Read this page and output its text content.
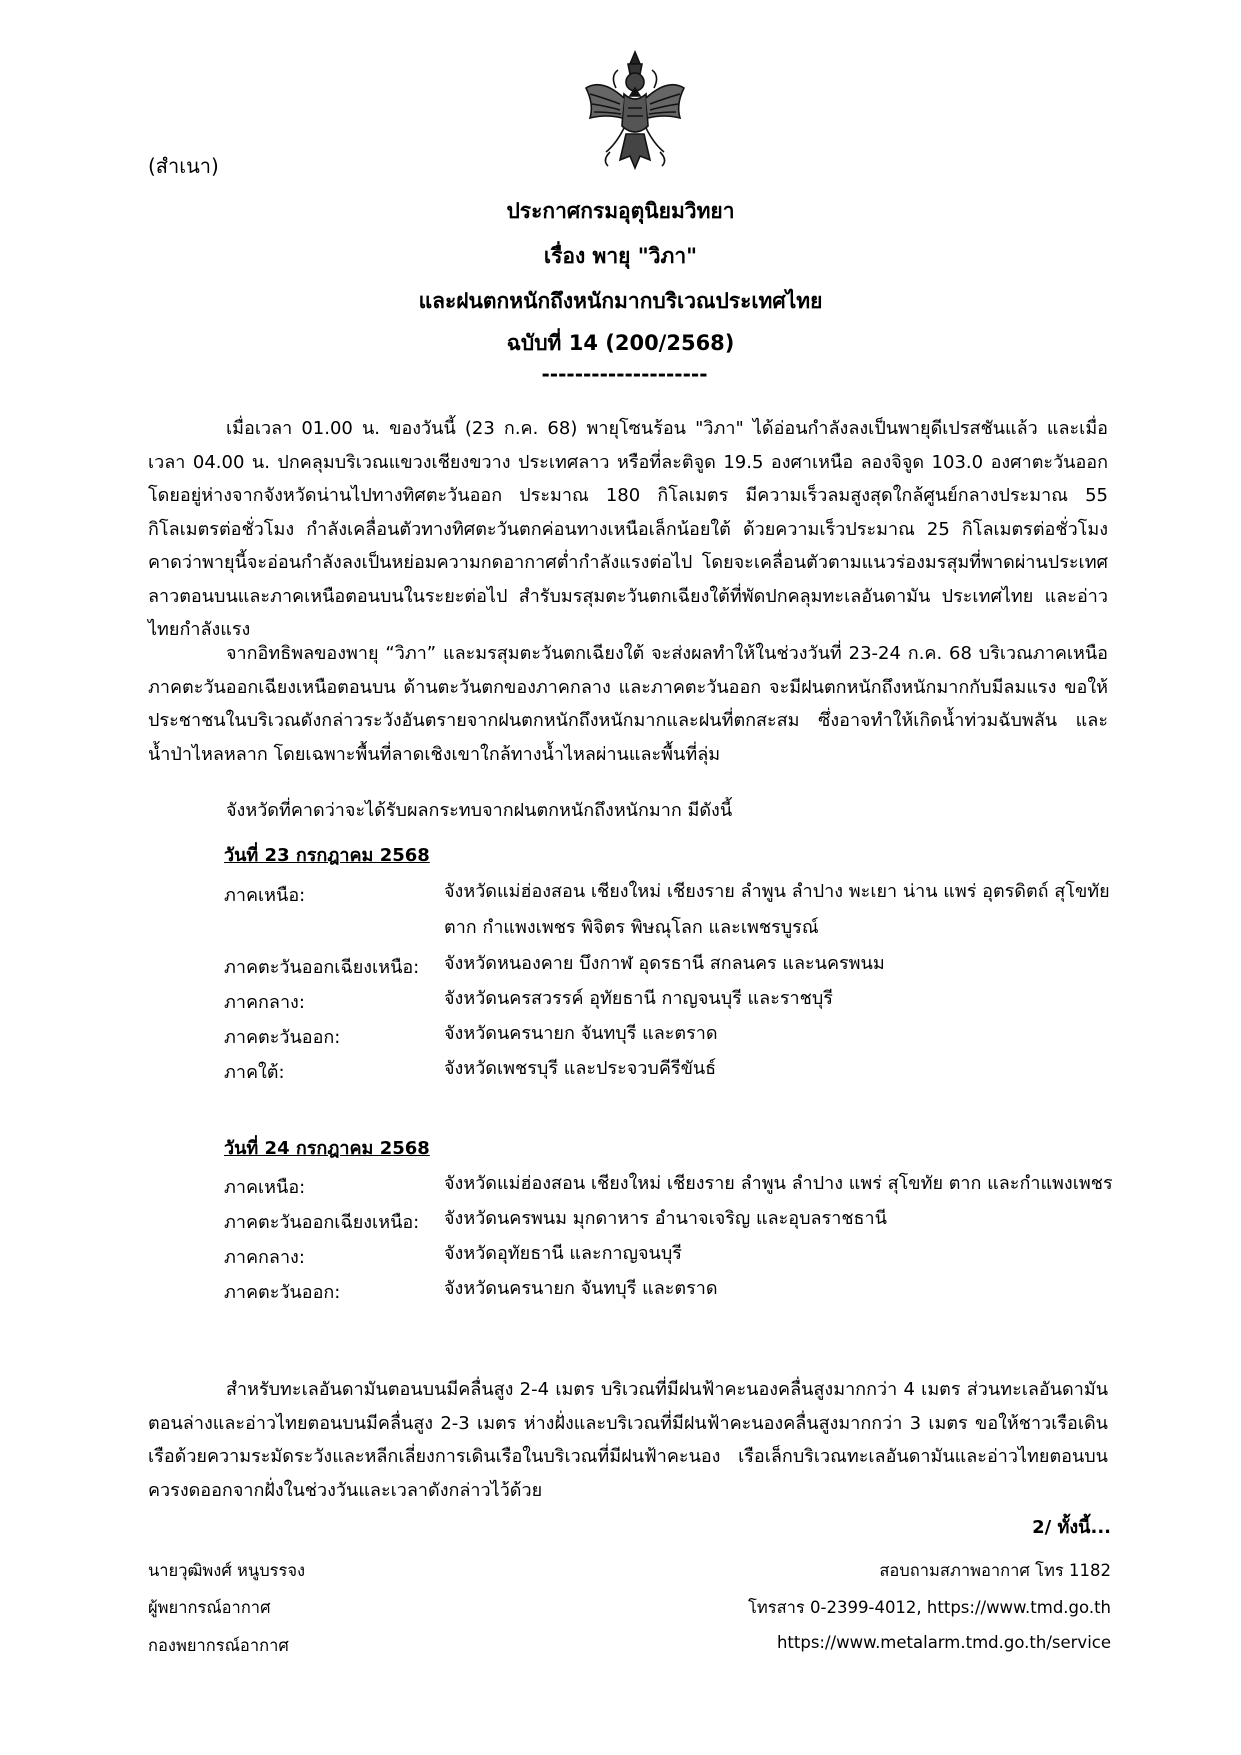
(สำเนา)
ประกาศกรมอุตุนิยมวิทยา
เรื่อง พายุ "วิภา"
และฝนตกหนักถึงหนักมากบริเวณประเทศไทย
ฉบับที่ 14 (200/2568)
--------------------
เมื่อเวลา 01.00 น. ของวันนี้ (23 ก.ค. 68) พายุโซนร้อน "วิภา" ได้อ่อนกำลังลงเป็นพายุดีเปรสชันแล้ว และเมื่อเวลา 04.00 น. ปกคลุมบริเวณแขวงเชียงขวาง ประเทศลาว หรือที่ละติจูด 19.5 องศาเหนือ ลองจิจูด 103.0 องศาตะวันออก โดยอยู่ห่างจากจังหวัดน่านไปทางทิศตะวันออก ประมาณ 180 กิโลเมตร มีความเร็วลมสูงสุดใกล้ศูนย์กลางประมาณ 55 กิโลเมตรต่อชั่วโมง กำลังเคลื่อนตัวทางทิศตะวันตกค่อนทางเหนือเล็กน้อยใต้ ด้วยความเร็วประมาณ 25 กิโลเมตรต่อชั่วโมง คาดว่าพายุนี้จะอ่อนกำลังลงเป็นหย่อมความกดอากาศต่ำกำลังแรงต่อไป โดยจะเคลื่อนตัวตามแนวร่องมรสุมที่พาดผ่านประเทศลาวตอนบนและภาคเหนือตอนบนในระยะต่อไป สำรับมรสุมตะวันตกเฉียงใต้ที่พัดปกคลุมทะเลอันดามัน ประเทศไทย และอ่าวไทยกำลังแรง
จากอิทธิพลของพายุ “วิภา” และมรสุมตะวันตกเฉียงใต้ จะส่งผลทำให้ในช่วงวันที่ 23-24 ก.ค. 68 บริเวณภาคเหนือ ภาคตะวันออกเฉียงเหนือตอนบน ด้านตะวันตกของภาคกลาง และภาคตะวันออก จะมีฝนตกหนักถึงหนักมากกับมีลมแรง ขอให้ประชาชนในบริเวณดังกล่าวระวังอันตรายจากฝนตกหนักถึงหนักมากและฝนที่ตกสะสม ซึ่งอาจทำให้เกิดน้ำท่วมฉับพลัน และน้ำป่าไหลหลาก โดยเฉพาะพื้นที่ลาดเชิงเขาใกล้ทางน้ำไหลผ่านและพื้นที่ลุ่ม
จังหวัดที่คาดว่าจะได้รับผลกระทบจากฝนตกหนักถึงหนักมาก มีดังนี้
วันที่ 23 กรกฎาคม 2568
ภาคเหนือ:	จังหวัดแม่ฮ่องสอน เชียงใหม่ เชียงราย ลำพูน ลำปาง พะเยา น่าน แพร่ อุตรดิตถ์ สุโขทัย ตาก กำแพงเพชร พิจิตร พิษณุโลก และเพชรบูรณ์
ภาคตะวันออกเฉียงเหนือ: จังหวัดหนองคาย บึงกาฬ อุดรธานี สกลนคร และนครพนม
ภาคกลาง:	จังหวัดนครสวรรค์ อุทัยธานี กาญจนบุรี และราชบุรี
ภาคตะวันออก:	จังหวัดนครนายก จันทบุรี และตราด
ภาคใต้:	จังหวัดเพชรบุรี และประจวบคีรีขันธ์
วันที่ 24 กรกฎาคม 2568
ภาคเหนือ:	จังหวัดแม่ฮ่องสอน เชียงใหม่ เชียงราย ลำพูน ลำปาง แพร่ สุโขทัย ตาก และกำแพงเพชร
ภาคตะวันออกเฉียงเหนือ: จังหวัดนครพนม มุกดาหาร อำนาจเจริญ และอุบลราชธานี
ภาคกลาง:	จังหวัดอุทัยธานี และกาญจนบุรี
ภาคตะวันออก:	จังหวัดนครนายก จันทบุรี และตราด
สำหรับทะเลอันดามันตอนบนมีคลื่นสูง 2-4 เมตร บริเวณที่มีฝนฟ้าคะนองคลื่นสูงมากกว่า 4 เมตร ส่วนทะเลอันดามันตอนล่างและอ่าวไทยตอนบนมีคลื่นสูง 2-3 เมตร ห่างฝั่งและบริเวณที่มีฝนฟ้าคะนองคลื่นสูงมากกว่า 3 เมตร ขอให้ชาวเรือเดินเรือด้วยความระมัดระวังและหลีกเลี่ยงการเดินเรือในบริเวณที่มีฝนฟ้าคะนอง เรือเล็กบริเวณทะเลอันดามันและอ่าวไทยตอนบนควรงดออกจากฝั่งในช่วงวันและเวลาดังกล่าวไว้ด้วย
2/ ทั้งนี้...
นายวุฒิพงศ์ หนูบรรจง
ผู้พยากรณ์อากาศ
กองพยากรณ์อากาศ
สอบถามสภาพอากาศ โทร 1182
โทรสาร 0-2399-4012, https://www.tmd.go.th
https://www.metalarm.tmd.go.th/service
